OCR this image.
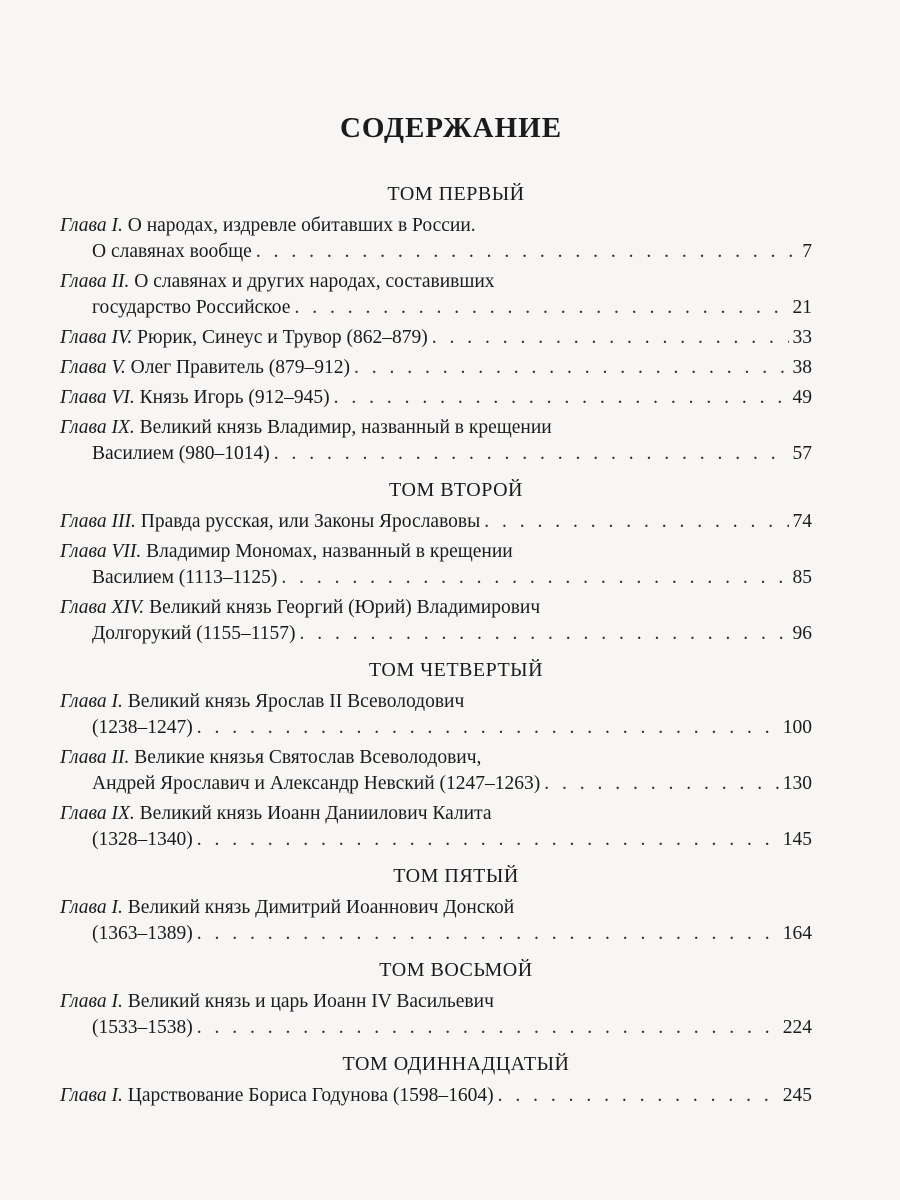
СОДЕРЖАНИЕ
ТОМ ПЕРВЫЙ
Глава I. О народах, издревле обитавших в России.
О славянах вообще . . .	7
Глава II. О славянах и других народах, составивших
государство Российское . . .	21
Глава IV. Рюрик, Синеус и Трувор (862–879) . . .	33
Глава V. Олег Правитель (879–912) . . .	38
Глава VI. Князь Игорь (912–945) . . .	49
Глава IX. Великий князь Владимир, названный в крещении
Василием (980–1014) . . .	57
ТОМ ВТОРОЙ
Глава III. Правда русская, или Законы Ярославовы . . .	74
Глава VII. Владимир Мономах, названный в крещении
Василием (1113–1125) . . .	85
Глава XIV. Великий князь Георгий (Юрий) Владимирович
Долгорукий (1155–1157) . . .	96
ТОМ ЧЕТВЕРТЫЙ
Глава I. Великий князь Ярослав II Всеволодович
(1238–1247) . . .	100
Глава II. Великие князья Святослав Всеволодович,
Андрей Ярославич и Александр Невский (1247–1263) . . .	130
Глава IX. Великий князь Иоанн Даниилович Калита
(1328–1340) . . .	145
ТОМ ПЯТЫЙ
Глава I. Великий князь Димитрий Иоаннович Донской
(1363–1389) . . .	164
ТОМ ВОСЬМОЙ
Глава I. Великий князь и царь Иоанн IV Васильевич
(1533–1538) . . .	224
ТОМ ОДИННАДЦАТЫЙ
Глава I. Царствование Бориса Годунова (1598–1604) . . .	245
